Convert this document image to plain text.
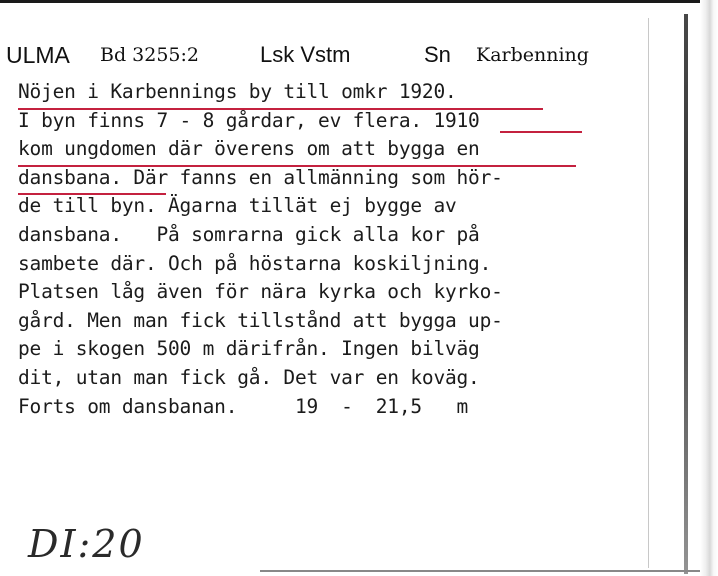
ULMA Bd 3255:2	Lsk Vstm	Sn Karbenning
Nöjen i Karbennings by till omkr 1920.
I byn finns 7 - 8 gårdar, ev flera. 1910
kom ungdomen där överens om att bygga en
dansbana. Där fanns en allmänning som hör-
de till byn. Ägarna tillät ej bygge av
dansbana.   På somrarna gick alla kor på
sambete där. Och på höstarna koskiljning.
Platsen låg även för nära kyrka och kyrko-
gård. Men man fick tillstånd att bygga up-
pe i skogen 500 m därifrån. Ingen bilväg
dit, utan man fick gå. Det var en koväg.
Forts om dansbanan.     19  -  21,5   m
DI:20
